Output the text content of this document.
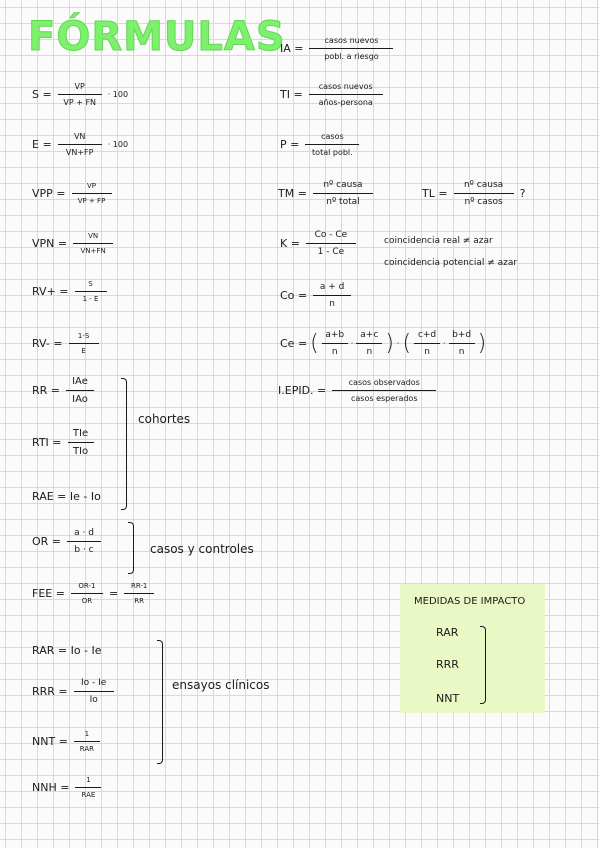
FÓRMULAS
$S = \frac{VP}{VP + FN} \cdot 100$
$E = \frac{VN}{VN+FP} \cdot 100$
VPP = $\frac{VP}{VP + FP}$
VPN = $\frac{VN}{VN+FN}$
$RV+ = \frac{S}{1 - E}$
$RV- = \frac{1-S}{E}$
RR = $\frac{\text{IAe}}{\text{IAo}}$
RTI = $\frac{\text{TIe}}{\text{TIo}}$
RAE = Ie - Io
cohortes
OR = $\frac{a \cdot d}{b \cdot c}$	casos y controles
FEE = $\frac{OR-1}{OR} = \frac{RR-1}{RR}$
RAR = Io - Ie
RRR = $\frac{Io - Ie}{Io}$
NNT = $\frac{1}{\text{RAR}}$
ensayos clínicos
NNH = $\frac{1}{\text{RAE}}$
IA = $\frac{\text{casos nuevos}}{\text{pobl. a riesgo}}$
TI = $\frac{\text{casos nuevos}}{\text{años-persona}}$
$P = \frac{\text{casos}}{\text{total pobl.}}$
TM = $\frac{\text{nº causa}}{\text{nº total}}$	TL = $\frac{\text{nº causa}}{\text{nº casos}}$ ?
$K = \frac{Co - Ce}{1 - Ce}$	coincidencia real ≠ azar
coincidencia potencial ≠ azar
$Co = \frac{a + d}{n}$
Ce = ( $\frac{a+b}{n} \cdot \frac{a+c}{n}$ ) · ( $\frac{c+d}{n} \cdot \frac{b+d}{n}$ )
I.EPID. = $\frac{\text{casos observados}}{\text{casos esperados}}$
MEDIDAS DE IMPACTO
RAR
RRR
NNT
